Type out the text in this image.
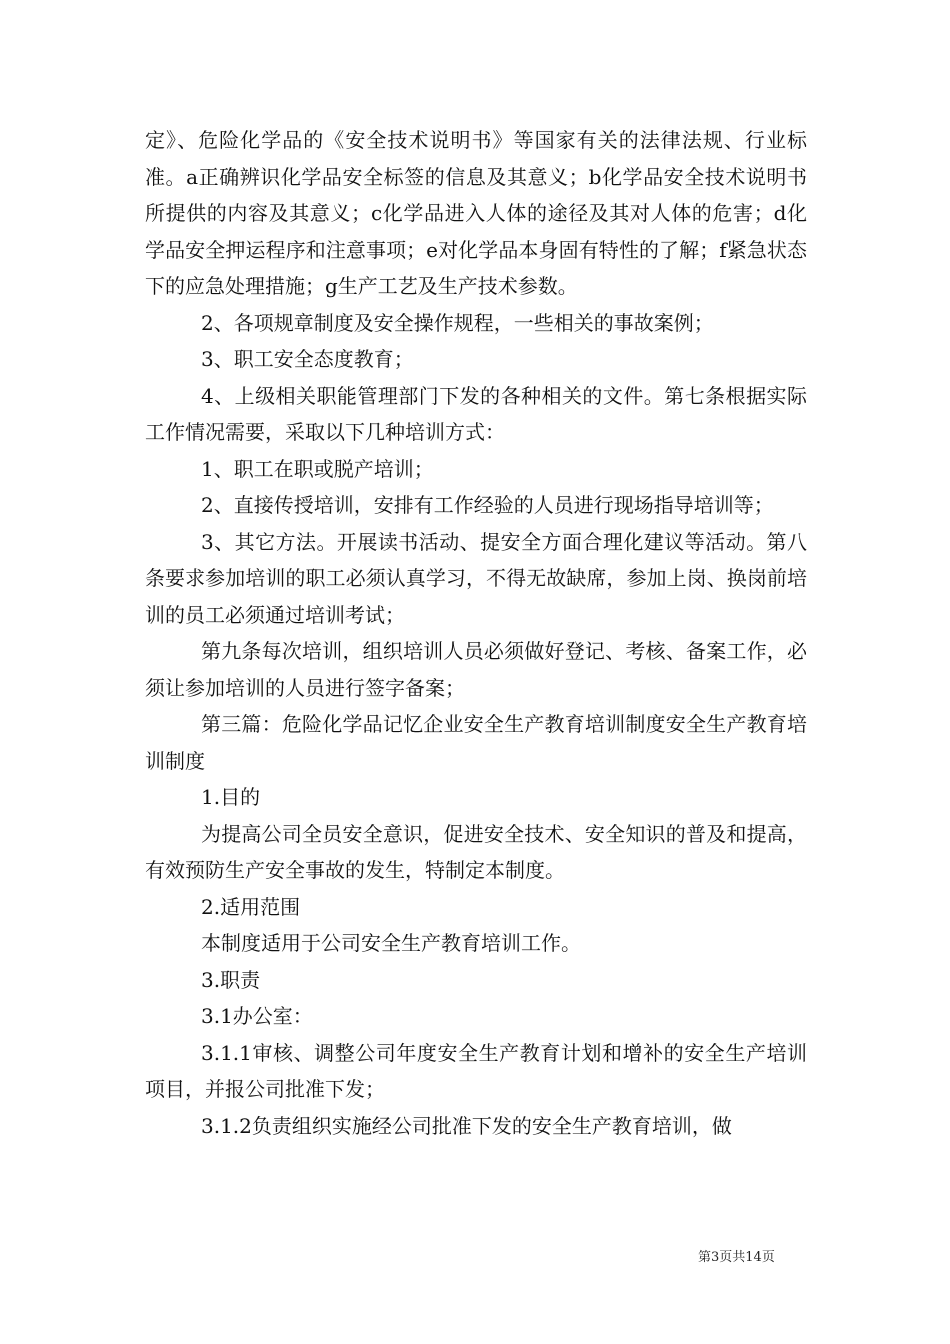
定》、危险化学品的《安全技术说明书》等国家有关的法律法规、行业标准。a正确辨识化学品安全标签的信息及其意义；b化学品安全技术说明书所提供的内容及其意义；c化学品进入人体的途径及其对人体的危害；d化学品安全押运程序和注意事项；e对化学品本身固有特性的了解；f紧急状态下的应急处理措施；g生产工艺及生产技术参数。

2、各项规章制度及安全操作规程，一些相关的事故案例；

3、职工安全态度教育；

4、上级相关职能管理部门下发的各种相关的文件。第七条根据实际工作情况需要，采取以下几种培训方式：

1、职工在职或脱产培训；

2、直接传授培训，安排有工作经验的人员进行现场指导培训等；

3、其它方法。开展读书活动、提安全方面合理化建议等活动。第八条要求参加培训的职工必须认真学习，不得无故缺席，参加上岗、换岗前培训的员工必须通过培训考试；

第九条每次培训，组织培训人员必须做好登记、考核、备案工作，必须让参加培训的人员进行签字备案；

第三篇：危险化学品记忆企业安全生产教育培训制度安全生产教育培训制度

1.目的

为提高公司全员安全意识，促进安全技术、安全知识的普及和提高，有效预防生产安全事故的发生，特制定本制度。

2.适用范围

本制度适用于公司安全生产教育培训工作。

3.职责

3.1办公室：

3.1.1审核、调整公司年度安全生产教育计划和增补的安全生产培训项目，并报公司批准下发；

3.1.2负责组织实施经公司批准下发的安全生产教育培训，做

第3页共14页
